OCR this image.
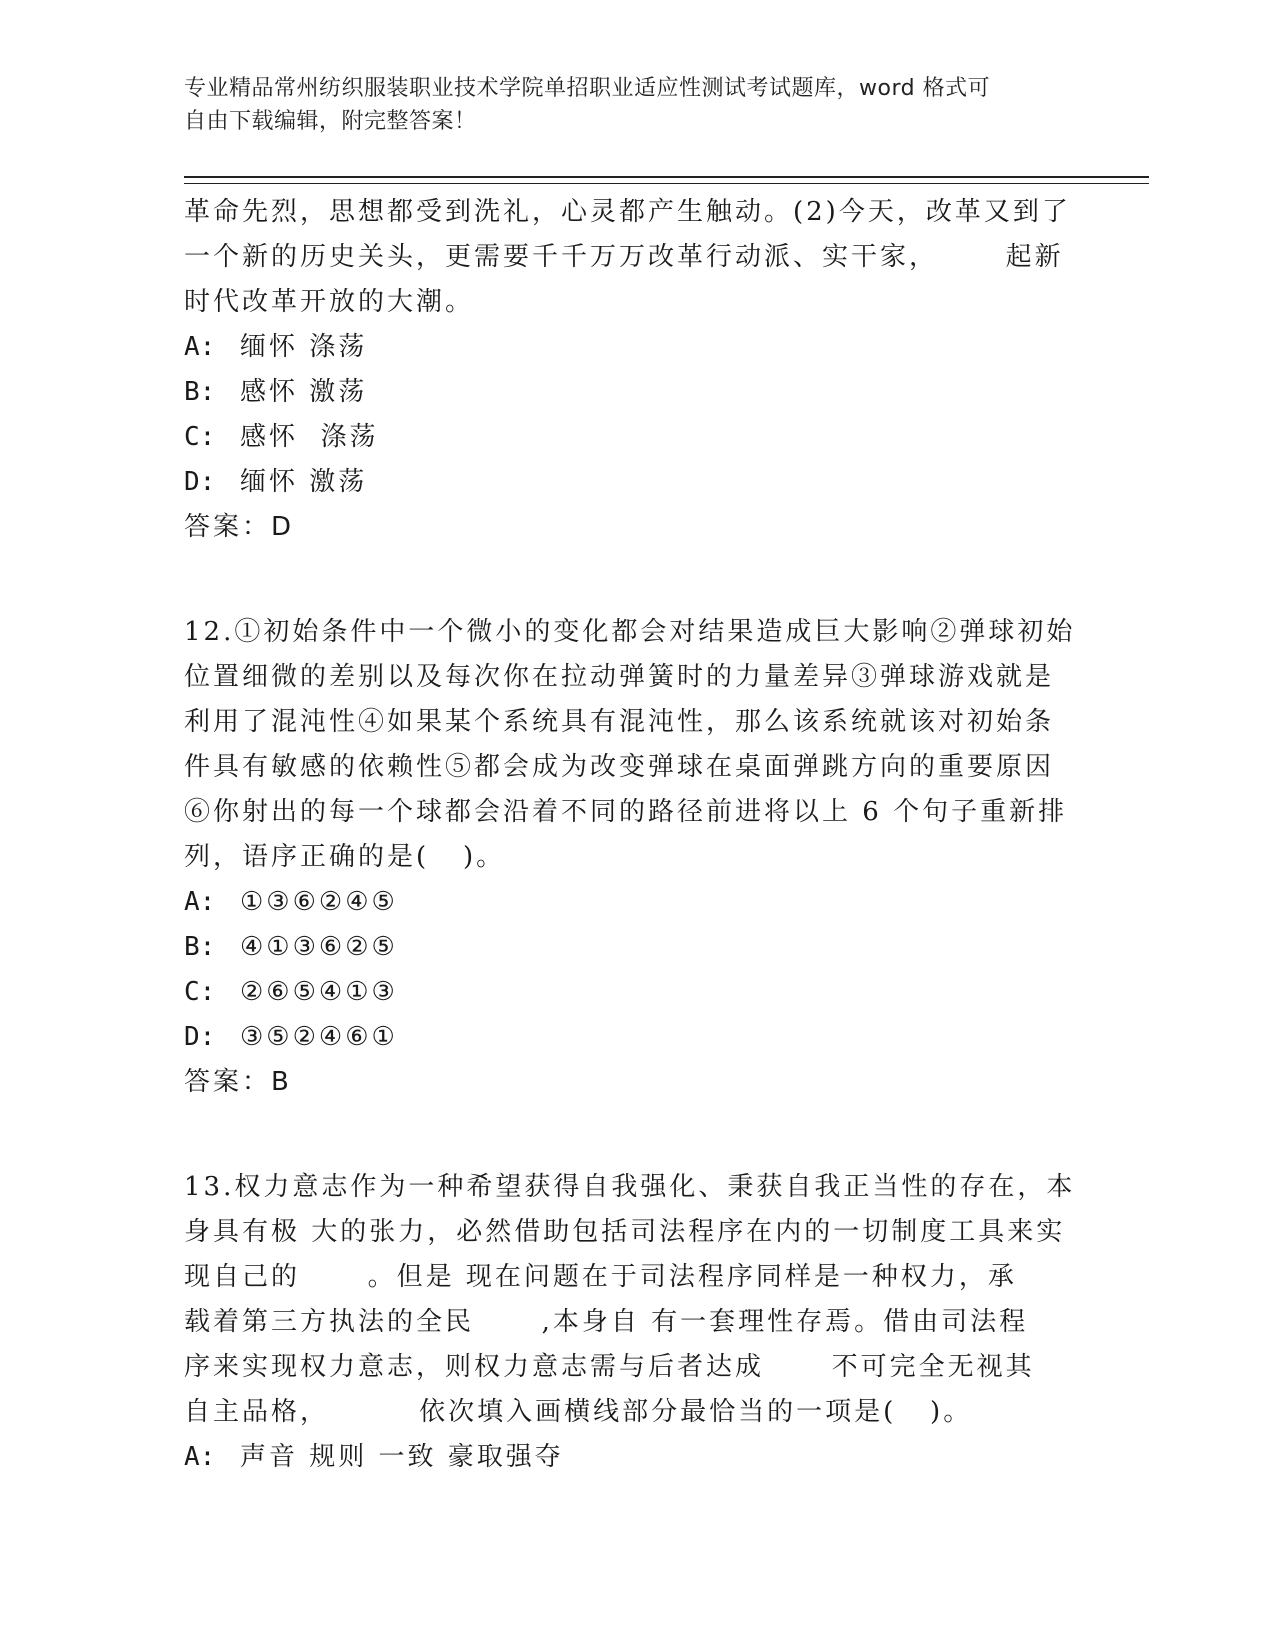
专业精品常州纺织服装职业技术学院单招职业适应性测试考试题库，word 格式可
自由下载编辑，附完整答案！
革命先烈，思想都受到洗礼，心灵都产生触动。(2)今天，改革又到了
一个新的历史关头，更需要千千万万改革行动派、实干家，      起新
时代改革开放的大潮。
A: 缅怀 涤荡
B: 感怀 激荡
C: 感怀  涤荡
D: 缅怀 激荡
答案：D
12.①初始条件中一个微小的变化都会对结果造成巨大影响②弹球初始
位置细微的差别以及每次你在拉动弹簧时的力量差异③弹球游戏就是
利用了混沌性④如果某个系统具有混沌性，那么该系统就该对初始条
件具有敏感的依赖性⑤都会成为改变弹球在桌面弹跳方向的重要原因
⑥你射出的每一个球都会沿着不同的路径前进将以上 6 个句子重新排
列，语序正确的是(   )。
A: ①③⑥②④⑤
B: ④①③⑥②⑤
C: ②⑥⑤④①③
D: ③⑤②④⑥①
答案：B
13.权力意志作为一种希望获得自我强化、秉获自我正当性的存在，本
身具有极 大的张力，必然借助包括司法程序在内的一切制度工具来实
现自己的      。但是 现在问题在于司法程序同样是一种权力，承
载着第三方执法的全民      ,本身自 有一套理性存焉。借由司法程
序来实现权力意志，则权力意志需与后者达成      不可完全无视其
自主品格，        依次填入画横线部分最恰当的一项是(   )。
A: 声音 规则 一致 豪取强夺
